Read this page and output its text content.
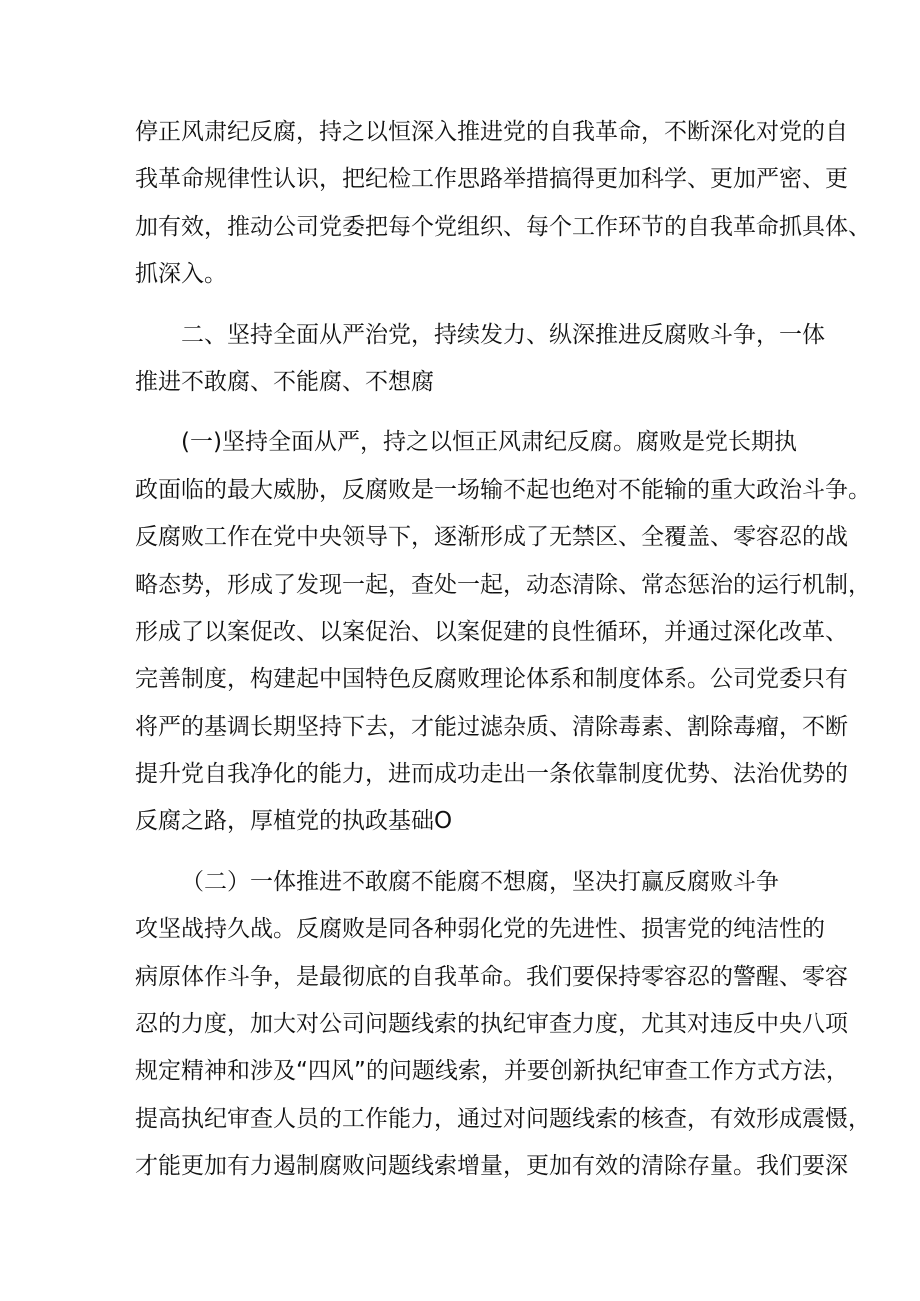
停正风肃纪反腐，持之以恒深入推进党的自我革命，不断深化对党的自
我革命规律性认识，把纪检工作思路举措搞得更加科学、更加严密、更
加有效，推动公司党委把每个党组织、每个工作环节的自我革命抓具体、
抓深入。

二、坚持全面从严治党，持续发力、纵深推进反腐败斗争，一体
推进不敢腐、不能腐、不想腐

(一)坚持全面从严，持之以恒正风肃纪反腐。腐败是党长期执
政面临的最大威胁，反腐败是一场输不起也绝对不能输的重大政治斗争。
反腐败工作在党中央领导下，逐渐形成了无禁区、全覆盖、零容忍的战
略态势，形成了发现一起，查处一起，动态清除、常态惩治的运行机制，
形成了以案促改、以案促治、以案促建的良性循环，并通过深化改革、
完善制度，构建起中国特色反腐败理论体系和制度体系。公司党委只有
将严的基调长期坚持下去，才能过滤杂质、清除毒素、割除毒瘤，不断
提升党自我净化的能力，进而成功走出一条依靠制度优势、法治优势的
反腐之路，厚植党的执政基础O

（二）一体推进不敢腐不能腐不想腐，坚决打赢反腐败斗争
攻坚战持久战。反腐败是同各种弱化党的先进性、损害党的纯洁性的
病原体作斗争，是最彻底的自我革命。我们要保持零容忍的警醒、零容
忍的力度，加大对公司问题线索的执纪审查力度，尤其对违反中央八项
规定精神和涉及“四风”的问题线索，并要创新执纪审查工作方式方法，
提高执纪审查人员的工作能力，通过对问题线索的核查，有效形成震慑，
才能更加有力遏制腐败问题线索增量，更加有效的清除存量。我们要深
